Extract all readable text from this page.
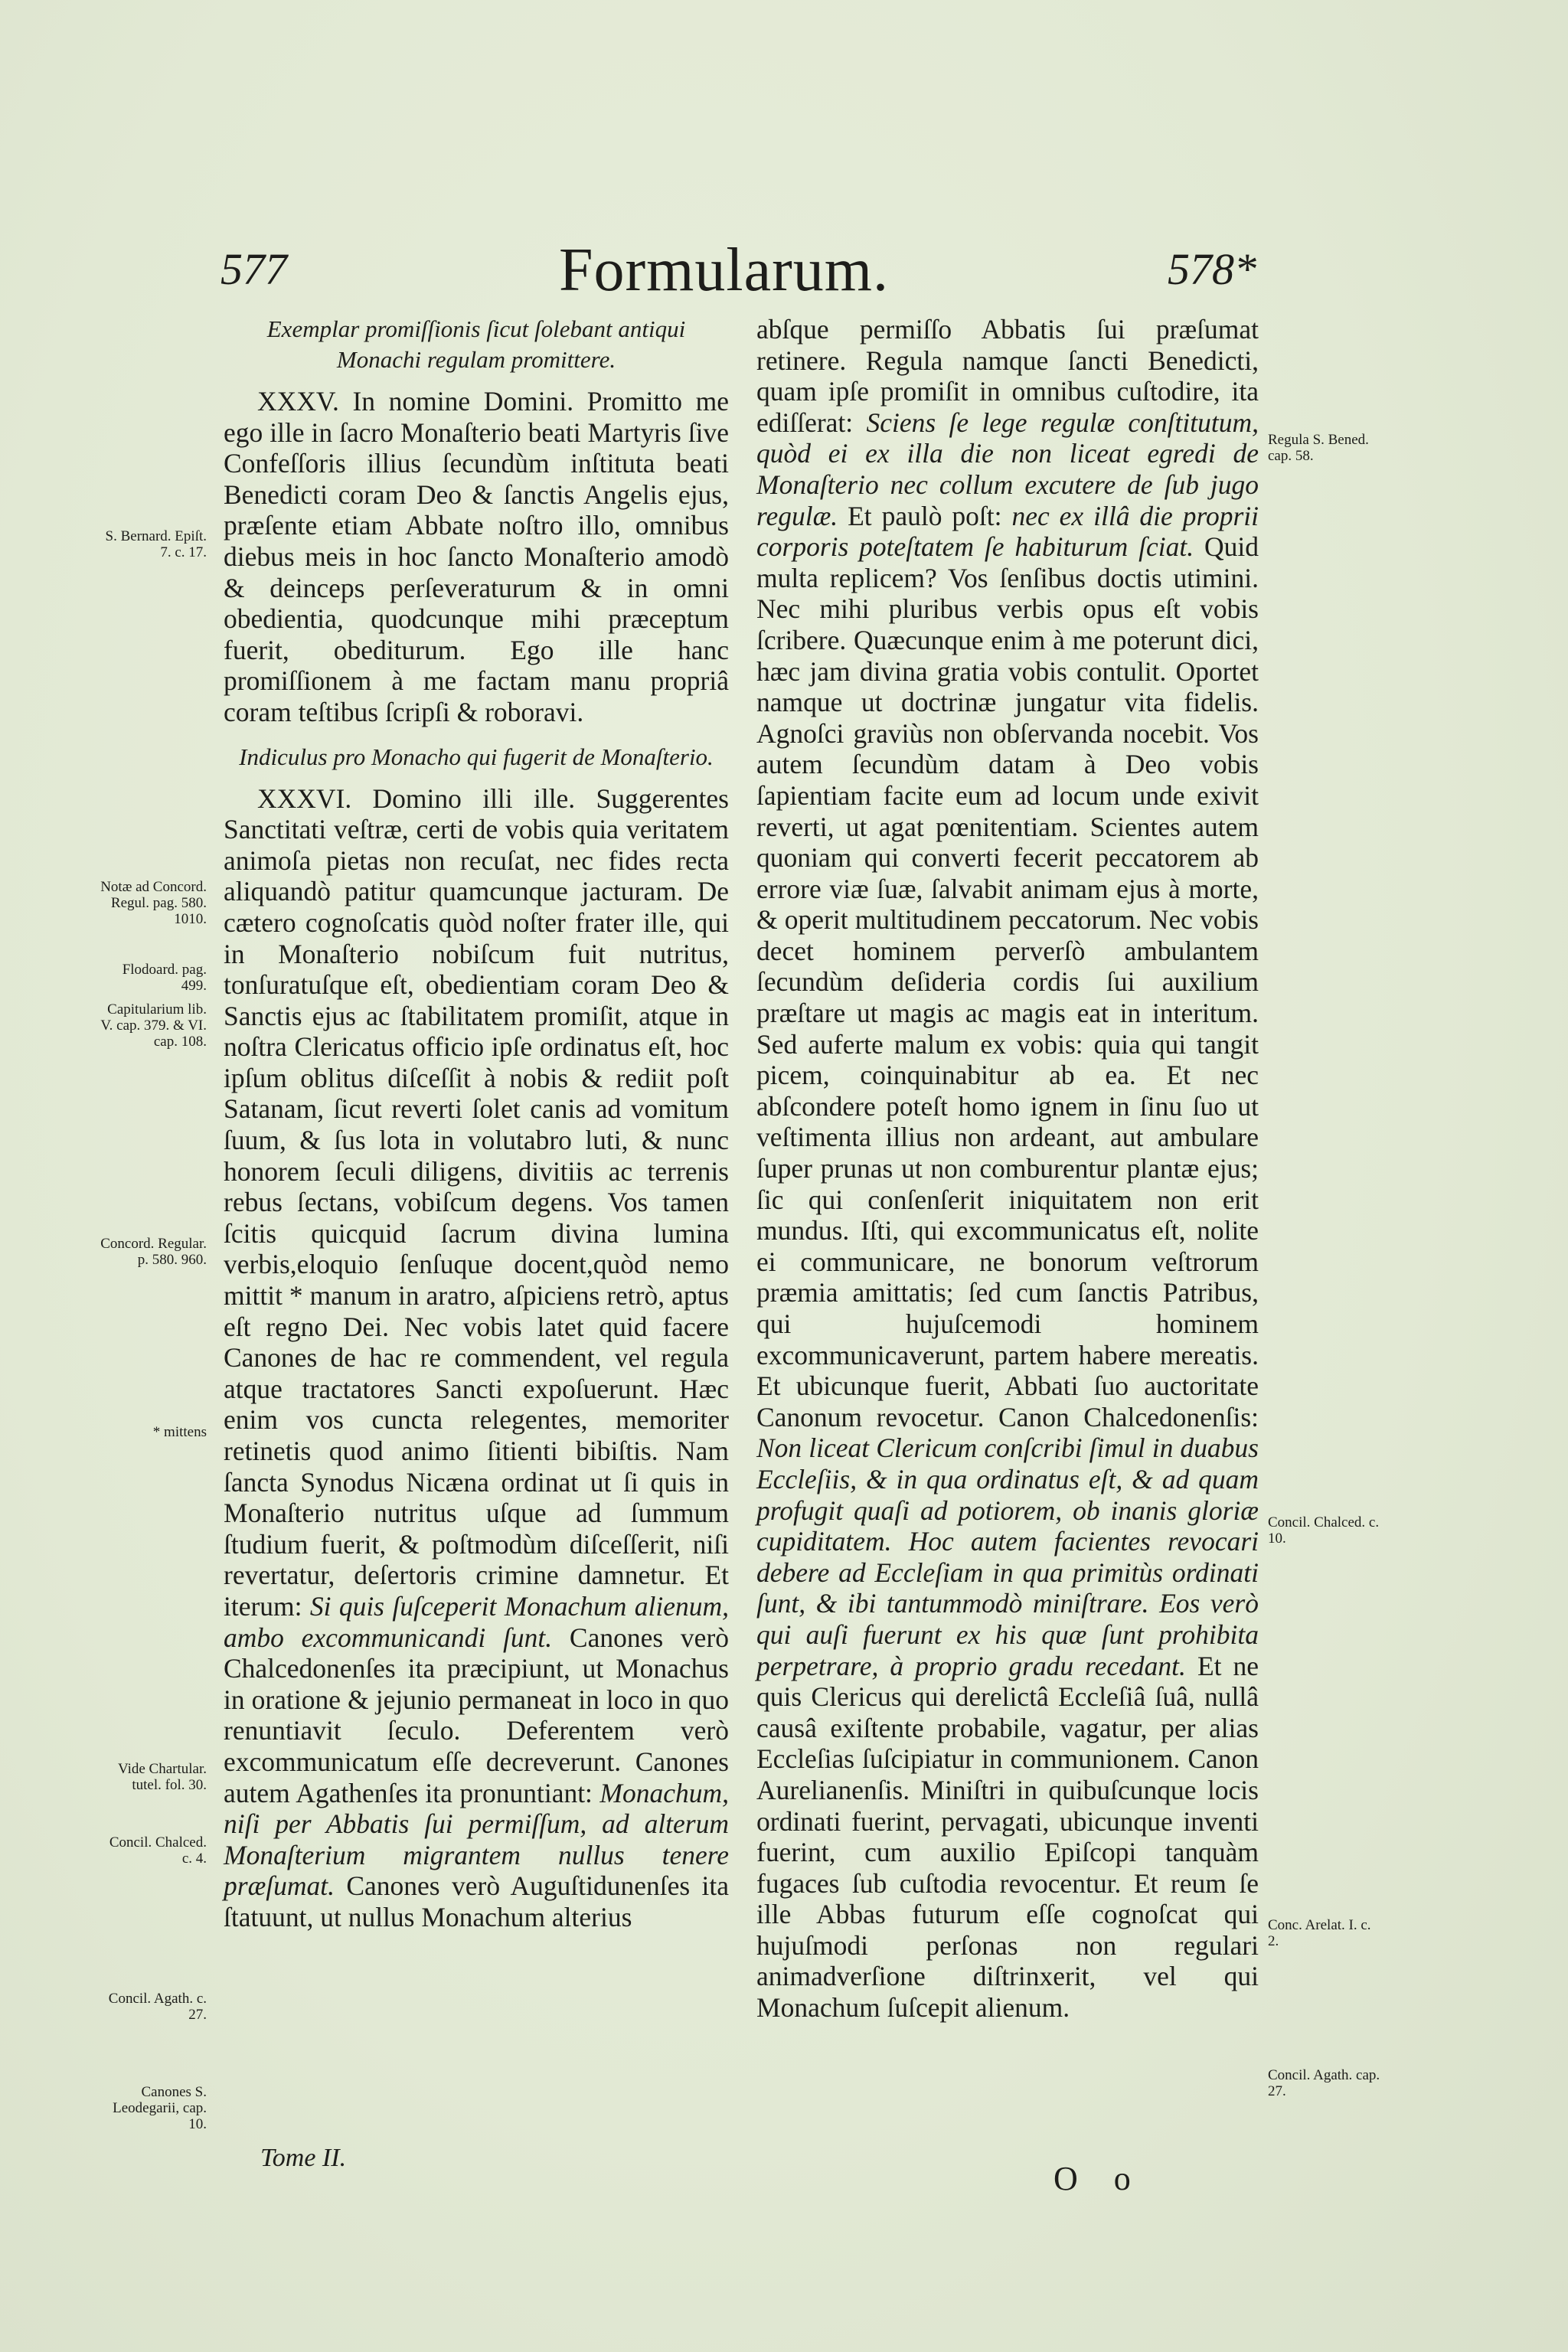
577	Formularum.	578*

Exemplar promiſſionis ſicut ſolebant antiqui Monachi regulam promittere.

XXXV. In nomine Domini. Promitto me ego ille in ſacro Monaſterio beati Martyris ſive Confeſſoris illius ſecundùm inſtituta beati Benedicti coram Deo & ſanctis Angelis ejus, præſente etiam Abbate noſtro illo, omnibus diebus meis in hoc ſancto Monaſterio amodò & deinceps perſeveraturum & in omni obedientia, quodcunque mihi præceptum fuerit, obediturum. Ego ille hanc promiſſionem à me factam manu propriâ coram teſtibus ſcripſi & roboravi.

Indiculus pro Monacho qui fugerit de Monaſterio.

XXXVI. Domino illi ille. Suggerentes Sanctitati veſtræ, certi de vobis quia veritatem animoſa pietas non recuſat, nec fides recta aliquandò patitur quamcunque jacturam. De cætero cognoſcatis quòd noſter frater ille, qui in Monaſterio nobiſcum fuit nutritus, tonſuratuſque eſt, obedientiam coram Deo & Sanctis ejus ac ſtabilitatem promiſit, atque in noſtra Clericatus officio ipſe ordinatus eſt, hoc ipſum oblitus diſceſſit à nobis & rediit poſt Satanam, ſicut reverti ſolet canis ad vomitum ſuum, & ſus lota in volutabro luti, & nunc honorem ſeculi diligens, divitiis ac terrenis rebus ſectans, vobiſcum degens. Vos tamen ſcitis quicquid ſacrum divina lumina verbis,eloquio ſenſuque docent,quòd nemo mittit * manum in aratro, aſpiciens retrò, aptus eſt regno Dei. Nec vobis latet quid facere Canones de hac re commendent, vel regula atque tractatores Sancti expoſuerunt. Hæc enim vos cuncta relegentes, memoriter retinetis quod animo ſitienti bibiſtis. Nam ſancta Synodus Nicæna ordinat ut ſi quis in Monaſterio nutritus uſque ad ſummum ſtudium fuerit, & poſtmodùm diſceſſerit, niſi revertatur, deſertoris crimine damnetur. Et iterum: Si quis ſuſceperit Monachum alienum, ambo excommunicandi ſunt. Canones verò Chalcedonenſes ita præcipiunt, ut Monachus in oratione & jejunio permaneat in loco in quo renuntiavit ſeculo. Deferentem verò excommunicatum eſſe decreverunt. Canones autem Agathenſes ita pronuntiant: Monachum, niſi per Abbatis ſui permiſſum, ad alterum Monaſterium migrantem nullus tenere præſumat. Canones verò Auguſtidunenſes ita ſtatuunt, ut nullus Monachum alterius

Tome II.

abſque permiſſo Abbatis ſui præſumat retinere. Regula namque ſancti Benedicti, quam ipſe promiſit in omnibus cuſtodire, ita ediſſerat: Sciens ſe lege regulæ conſtitutum, quòd ei ex illa die non liceat egredi de Monaſterio nec collum excutere de ſub jugo regulæ. Et paulò poſt: nec ex illâ die proprii corporis poteſtatem ſe habiturum ſciat. Quid multa replicem? Vos ſenſibus doctis utimini. Nec mihi pluribus verbis opus eſt vobis ſcribere. Quæcunque enim à me poterunt dici, hæc jam divina gratia vobis contulit. Oportet namque ut doctrinæ jungatur vita fidelis. Agnoſci graviùs non obſervanda nocebit. Vos autem ſecundùm datam à Deo vobis ſapientiam facite eum ad locum unde exivit reverti, ut agat pœnitentiam. Scientes autem quoniam qui converti fecerit peccatorem ab errore viæ ſuæ, ſalvabit animam ejus à morte, & operit multitudinem peccatorum. Nec vobis decet hominem perverſò ambulantem ſecundùm deſideria cordis ſui auxilium præſtare ut magis ac magis eat in interitum. Sed auferte malum ex vobis: quia qui tangit picem, coinquinabitur ab ea. Et nec abſcondere poteſt homo ignem in ſinu ſuo ut veſtimenta illius non ardeant, aut ambulare ſuper prunas ut non comburentur plantæ ejus; ſic qui conſenſerit iniquitatem non erit mundus. Iſti, qui excommunicatus eſt, nolite ei communicare, ne bonorum veſtrorum præmia amittatis; ſed cum ſanctis Patribus, qui hujuſcemodi hominem excommunicaverunt, partem habere mereatis. Et ubicunque fuerit, Abbati ſuo auctoritate Canonum revocetur. Canon Chalcedonenſis: Non liceat Clericum conſcribi ſimul in duabus Eccleſiis, & in qua ordinatus eſt, & ad quam profugit quaſi ad potiorem, ob inanis gloriæ cupiditatem. Hoc autem facientes revocari debere ad Eccleſiam in qua primitùs ordinati ſunt, & ibi tantummodò miniſtrare. Eos verò qui auſi fuerunt ex his quæ ſunt prohibita perpetrare, à proprio gradu recedant. Et ne quis Clericus qui derelictâ Eccleſiâ ſuâ, nullâ causâ exiſtente probabile, vagatur, per alias Eccleſias ſuſcipiatur in communionem. Canon Aurelianenſis. Miniſtri in quibuſcunque locis ordinati fuerint, pervagati, ubicunque inventi fuerint, cum auxilio Epiſcopi tanquàm fugaces ſub cuſtodia revocentur. Et reum ſe ille Abbas futurum eſſe cognoſcat qui hujuſmodi perſonas non regulari animadverſione diſtrinxerit, vel qui Monachum ſuſcepit alienum.

O o
S. Bernard. Epiſt. 7. c. 17.
Notæ ad Concord. Regul. pag. 580. 1010.
Flodoard. pag. 499.
Capitularium lib. V. cap. 379. & VI. cap. 108.
Concord. Regular. p. 580. 960.
* mittens
Vide Chartular. tutel. fol. 30.
Concil. Chalced. c. 4.
Concil. Agath. c. 27.
Canones S. Leodegarii, cap. 10.
Regula S. Bened. cap. 58.
Concil. Chalced. c. 10.
Conc. Arelat. I. c. 2.
Concil. Agath. cap. 27.
